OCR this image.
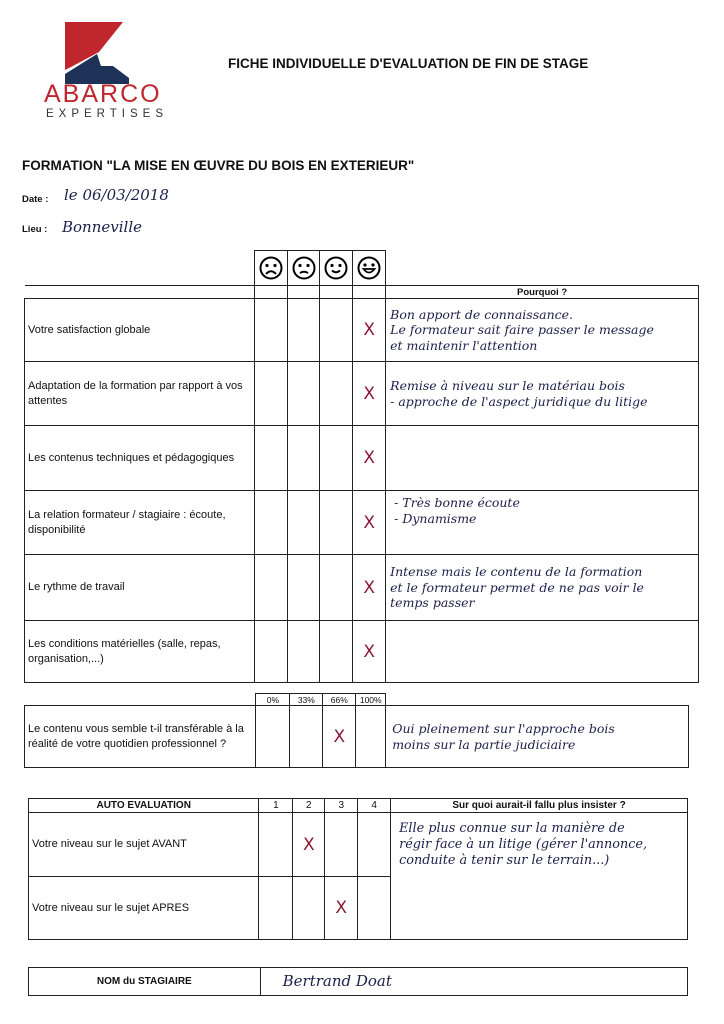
ABARCO
EXPERTISES
FICHE INDIVIDUELLE D'EVALUATION DE FIN DE STAGE
FORMATION "LA MISE EN ŒUVRE DU BOIS EN EXTERIEUR"
Date : le 06/03/2018
Lieu : Bonneville

					Pourquoi ?
Votre satisfaction globale				X	Bon apport de connaissance.
Le formateur sait faire passer le message
et maintenir l'attention

Adaptation de la formation par rapport à vos attentes				X	Remise à niveau sur le matériau bois
- approche de l'aspect juridique du litige

Les contenus techniques et pédagogiques				X	
La relation formateur / stagiaire : écoute, disponibilité				X	- Très bonne écoute
- Dynamisme

Le rythme de travail				X	Intense mais le contenu de la formation
et le formateur permet de ne pas voir le
temps passer

Les conditions matérielles (salle, repas, organisation,...)				X	
	0%	33%	66%	100%	
Le contenu vous semble t-il transférable à la réalité de votre quotidien professionnel ?			X		Oui pleinement sur l'approche bois
moins sur la partie judiciaire
AUTO EVALUATION	1	2	3	4	Sur quoi aurait-il fallu plus insister ?
Votre niveau sur le sujet AVANT		X			Elle plus connue sur la manière de
régir face à un litige (gérer l'annonce,
conduite à tenir sur le terrain...)

Votre niveau sur le sujet APRES			X		
NOM du STAGIAIRE	Bertrand Doat
